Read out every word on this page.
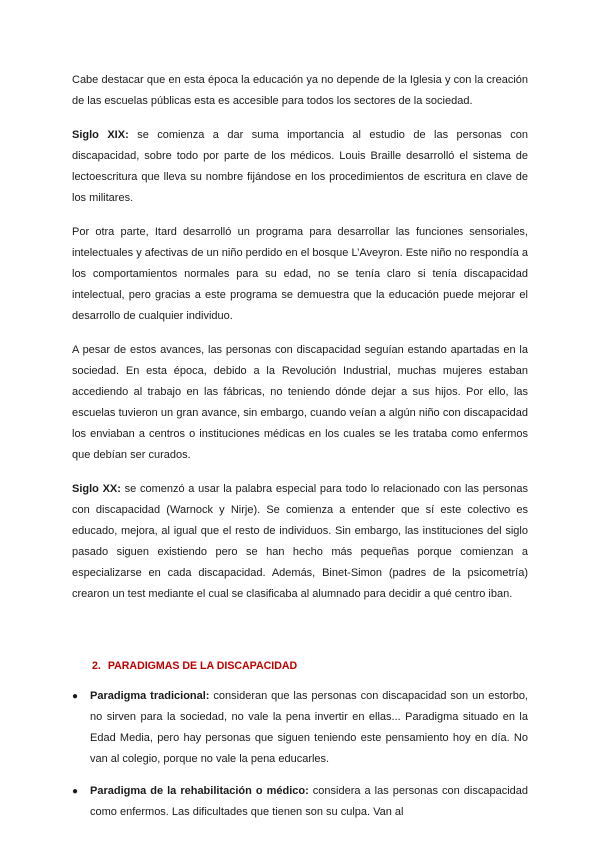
Cabe destacar que en esta época la educación ya no depende de la Iglesia y con la creación de las escuelas públicas esta es accesible para todos los sectores de la sociedad.

Siglo XIX: se comienza a dar suma importancia al estudio de las personas con discapacidad, sobre todo por parte de los médicos. Louis Braille desarrolló el sistema de lectoescritura que lleva su nombre fijándose en los procedimientos de escritura en clave de los militares.

Por otra parte, Itard desarrolló un programa para desarrollar las funciones sensoriales, intelectuales y afectivas de un niño perdido en el bosque L’Aveyron. Este niño no respondía a los comportamientos normales para su edad, no se tenía claro si tenía discapacidad intelectual, pero gracias a este programa se demuestra que la educación puede mejorar el desarrollo de cualquier individuo.

A pesar de estos avances, las personas con discapacidad seguían estando apartadas en la sociedad. En esta época, debido a la Revolución Industrial, muchas mujeres estaban accediendo al trabajo en las fábricas, no teniendo dónde dejar a sus hijos. Por ello, las escuelas tuvieron un gran avance, sin embargo, cuando veían a algún niño con discapacidad los enviaban a centros o instituciones médicas en los cuales se les trataba como enfermos que debían ser curados.

Siglo XX: se comenzó a usar la palabra especial para todo lo relacionado con las personas con discapacidad (Warnock y Nirje). Se comienza a entender que sí este colectivo es educado, mejora, al igual que el resto de individuos. Sin embargo, las instituciones del siglo pasado siguen existiendo pero se han hecho más pequeñas porque comienzan a especializarse en cada discapacidad. Además, Binet-Simon (padres de la psicometría) crearon un test mediante el cual se clasificaba al alumnado para decidir a qué centro iban.

2. PARADIGMAS DE LA DISCAPACIDAD
● Paradigma tradicional: consideran que las personas con discapacidad son un estorbo, no sirven para la sociedad, no vale la pena invertir en ellas... Paradigma situado en la Edad Media, pero hay personas que siguen teniendo este pensamiento hoy en día. No van al colegio, porque no vale la pena educarles.
● Paradigma de la rehabilitación o médico: considera a las personas con discapacidad como enfermos. Las dificultades que tienen son su culpa. Van al
